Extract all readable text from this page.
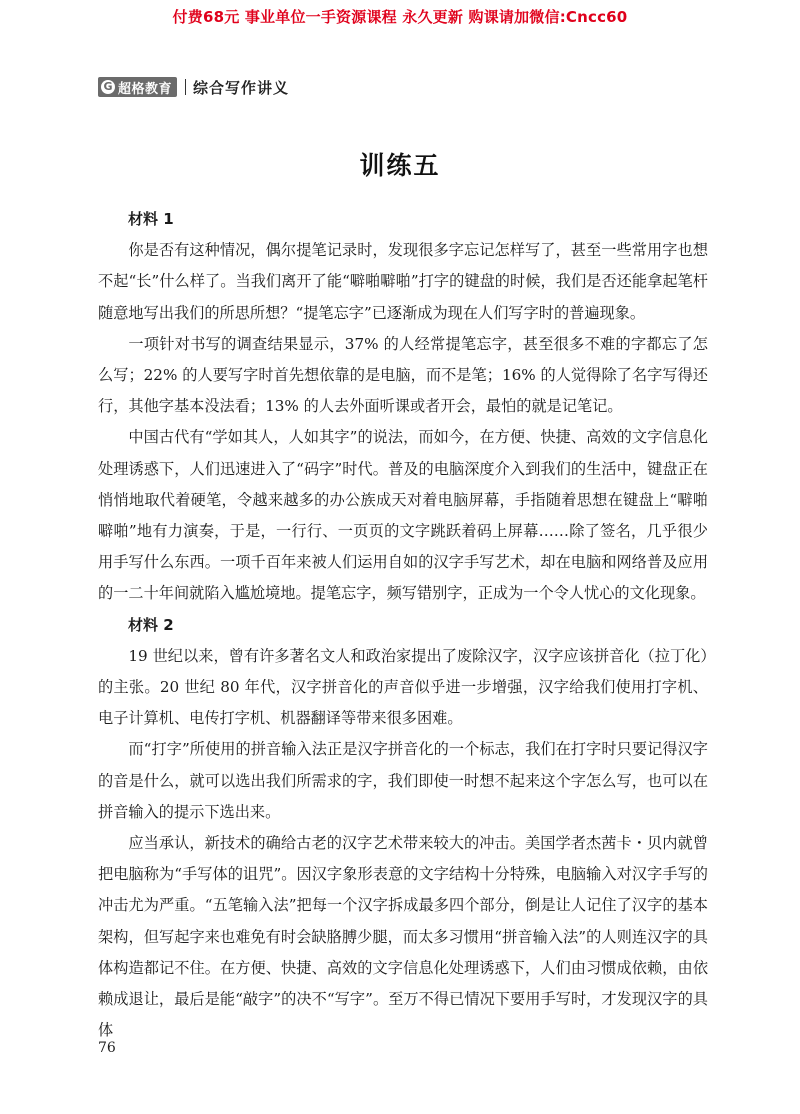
付费68元 事业单位一手资源课程 永久更新 购课请加微信:Cncc60
G 超格教育 综合写作讲义
训练五

材料 1

你是否有这种情况，偶尔提笔记录时，发现很多字忘记怎样写了，甚至一些常用字也想不起“长”什么样了。当我们离开了能“噼啪噼啪”打字的键盘的时候，我们是否还能拿起笔杆随意地写出我们的所思所想？“提笔忘字”已逐渐成为现在人们写字时的普遍现象。

一项针对书写的调查结果显示，37% 的人经常提笔忘字，甚至很多不难的字都忘了怎么写；22% 的人要写字时首先想依靠的是电脑，而不是笔；16% 的人觉得除了名字写得还行，其他字基本没法看；13% 的人去外面听课或者开会，最怕的就是记笔记。

中国古代有“学如其人，人如其字”的说法，而如今，在方便、快捷、高效的文字信息化处理诱惑下，人们迅速进入了“码字”时代。普及的电脑深度介入到我们的生活中，键盘正在悄悄地取代着硬笔，令越来越多的办公族成天对着电脑屏幕，手指随着思想在键盘上“噼啪噼啪”地有力演奏，于是，一行行、一页页的文字跳跃着码上屏幕……除了签名，几乎很少用手写什么东西。一项千百年来被人们运用自如的汉字手写艺术，却在电脑和网络普及应用的一二十年间就陷入尴尬境地。提笔忘字，频写错别字，正成为一个令人忧心的文化现象。

材料 2

19 世纪以来，曾有许多著名文人和政治家提出了废除汉字，汉字应该拼音化（拉丁化）的主张。20 世纪 80 年代，汉字拼音化的声音似乎进一步增强，汉字给我们使用打字机、电子计算机、电传打字机、机器翻译等带来很多困难。

而“打字”所使用的拼音输入法正是汉字拼音化的一个标志，我们在打字时只要记得汉字的音是什么，就可以选出我们所需求的字，我们即使一时想不起来这个字怎么写，也可以在拼音输入的提示下选出来。

应当承认，新技术的确给古老的汉字艺术带来较大的冲击。美国学者杰茜卡・贝内就曾把电脑称为“手写体的诅咒”。因汉字象形表意的文字结构十分特殊，电脑输入对汉字手写的冲击尤为严重。“五笔输入法”把每一个汉字拆成最多四个部分，倒是让人记住了汉字的基本架构，但写起字来也难免有时会缺胳膊少腿，而太多习惯用“拼音输入法”的人则连汉字的具体构造都记不住。在方便、快捷、高效的文字信息化处理诱惑下，人们由习惯成依赖，由依赖成退让，最后是能“敲字”的决不“写字”。至万不得已情况下要用手写时，才发现汉字的具体

76
